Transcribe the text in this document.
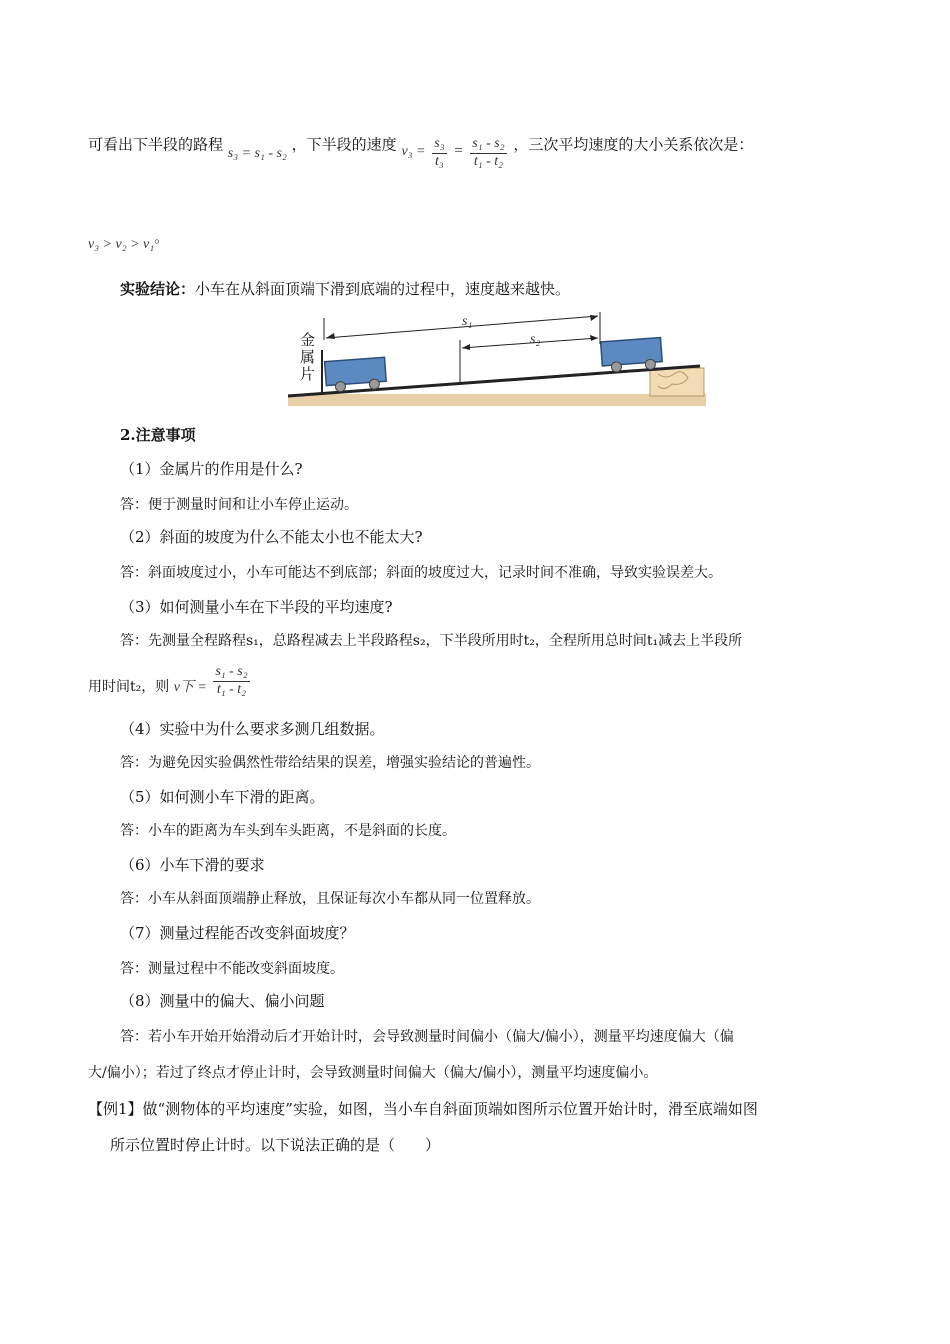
可看出下半段的路程 s₃ = s₁ - s₂ ，下半段的速度 $v_3 = \frac{\text{s₃}}{\text{t₃}} = \frac{\text{s₁ - s₂}}{\text{t₁ - t₂}}$ ，三次平均速度的大小关系依次是：
v₃ > v₂ > v₁。
实验结论：小车在从斜面顶端下滑到底端的过程中，速度越来越快。
金属片
s₁
s₂
2.注意事项
（1）金属片的作用是什么?
答：便于测量时间和让小车停止运动。
（2）斜面的坡度为什么不能太小也不能太大?
答：斜面坡度过小，小车可能达不到底部；斜面的坡度过大，记录时间不准确，导致实验误差大。
（3）如何测量小车在下半段的平均速度?
答：先测量全程路程s₁，总路程减去上半段路程s₂，下半段所用时t₂，全程所用总时间t₁减去上半段所
用时间t₂，则 v下 = $\frac{\text{s₁ - s₂}}{\text{t₁ - t₂}}$
（4）实验中为什么要求多测几组数据。
答：为避免因实验偶然性带给结果的误差，增强实验结论的普遍性。
（5）如何测小车下滑的距离。
答：小车的距离为车头到车头距离，不是斜面的长度。
（6）小车下滑的要求
答：小车从斜面顶端静止释放，且保证每次小车都从同一位置释放。
（7）测量过程能否改变斜面坡度？
答：测量过程中不能改变斜面坡度。
（8）测量中的偏大、偏小问题
答：若小车开始开始滑动后才开始计时，会导致测量时间偏小（偏大/偏小），测量平均速度偏大（偏
大/偏小）；若过了终点才停止计时，会导致测量时间偏大（偏大/偏小），测量平均速度偏小。
【例1】做“测物体的平均速度”实验，如图，当小车自斜面顶端如图所示位置开始计时，滑至底端如图
所示位置时停止计时。以下说法正确的是（　　）
